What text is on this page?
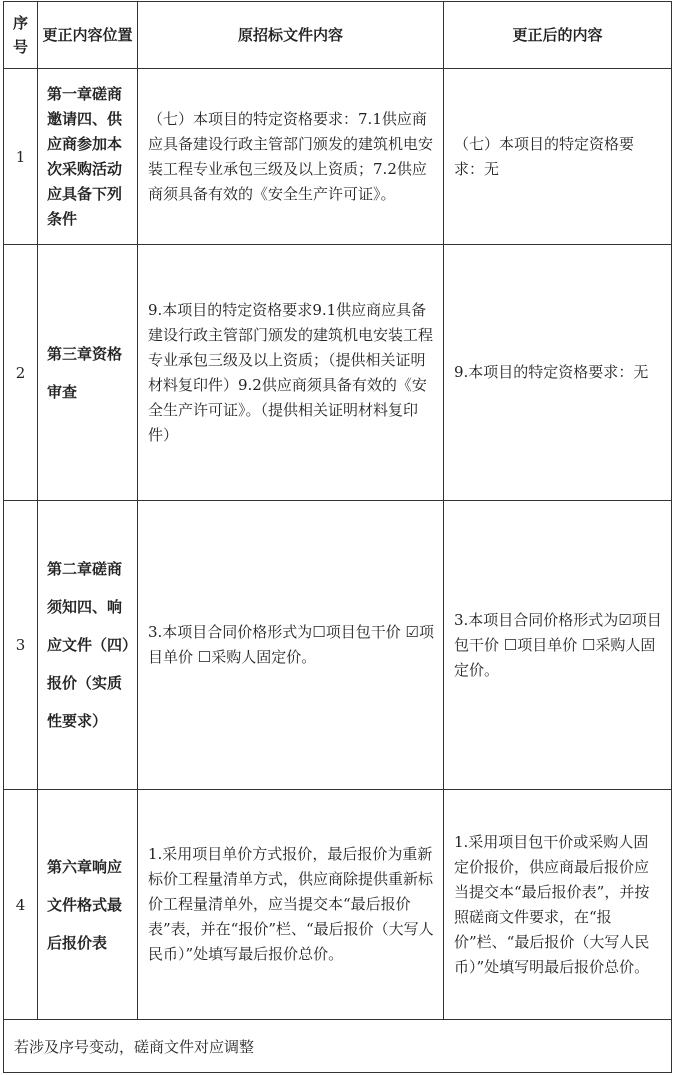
序号	更正内容位置	原招标文件内容	更正后的内容
1	第一章磋商邀请四、供应商参加本次采购活动应具备下列条件	（七）本项目的特定资格要求：7.1供应商应具备建设行政主管部门颁发的建筑机电安装工程专业承包三级及以上资质；7.2供应商须具备有效的《安全生产许可证》。	（七）本项目的特定资格要求：无

2	第三章资格审查	9.本项目的特定资格要求9.1供应商应具备建设行政主管部门颁发的建筑机电安装工程专业承包三级及以上资质；（提供相关证明材料复印件）9.2供应商须具备有效的《安全生产许可证》。（提供相关证明材料复印件）	9.本项目的特定资格要求：无

3	第二章磋商须知四、响应文件（四）报价（实质性要求）	3.本项目合同价格形式为☐项目包干价 ☑项目单价 ☐采购人固定价。	3.本项目合同价格形式为☑项目包干价 ☐项目单价 ☐采购人固定价。

4	第六章响应文件格式最后报价表	1.采用项目单价方式报价，最后报价为重新标价工程量清单方式，供应商除提供重新标价工程量清单外，应当提交本“最后报价表”表，并在“报价”栏、“最后报价（大写人民币）”处填写最后报价总价。	1.采用项目包干价或采购人固定价报价，供应商最后报价应当提交本“最后报价表”，并按照磋商文件要求，在“报价”栏、“最后报价（大写人民币）”处填写明最后报价总价。

若涉及序号变动，磋商文件对应调整			
